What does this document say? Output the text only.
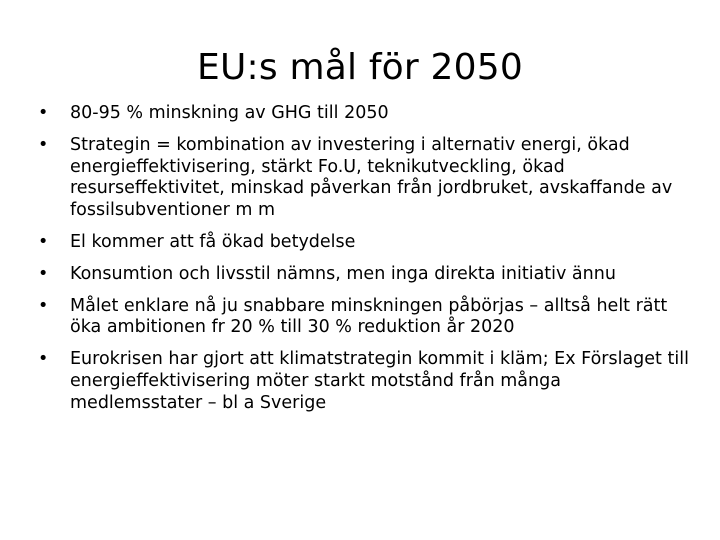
EU:s mål för 2050
• 80-95 % minskning av GHG till 2050
• Strategin = kombination av investering i alternativ energi, ökad energieffektivisering, stärkt Fo.U, teknikutveckling, ökad resurseffektivitet, minskad påverkan från jordbruket, avskaffande av fossilsubventioner m m
• El kommer att få ökad betydelse
• Konsumtion och livsstil nämns, men inga direkta initiativ ännu
• Målet enklare nå ju snabbare minskningen påbörjas – alltså helt rätt öka ambitionen fr 20 % till 30 % reduktion år 2020
• Eurokrisen har gjort att klimatstrategin kommit i kläm; Ex Förslaget till energieffektivisering möter starkt motstånd från många medlemsstater – bl a Sverige
